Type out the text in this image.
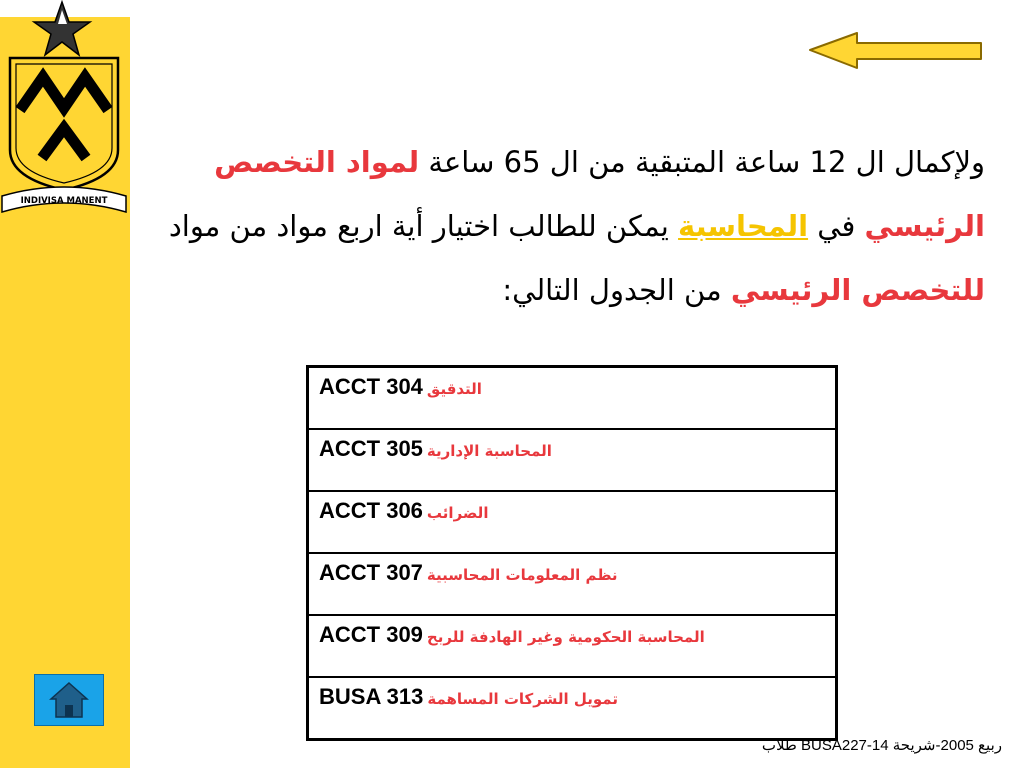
INDIVISA MANENT
ولإكمال ال 12 ساعة المتبقية من ال 65 ساعة لمواد التخصص الرئيسي في المحاسبة يمكن للطالب اختيار أية اربع مواد من مواد للتخصص الرئيسي من الجدول التالي:
ACCT 304 التدقيق
ACCT 305 المحاسبة الإدارية
ACCT 306 الضرائب
ACCT 307 نظم المعلومات المحاسبية
ACCT 309 المحاسبة الحكومية وغير الهادفة للربح
BUSA 313 تمويل الشركات المساهمة
طلاب BUSA227-ربيع 2005-شريحة 14
